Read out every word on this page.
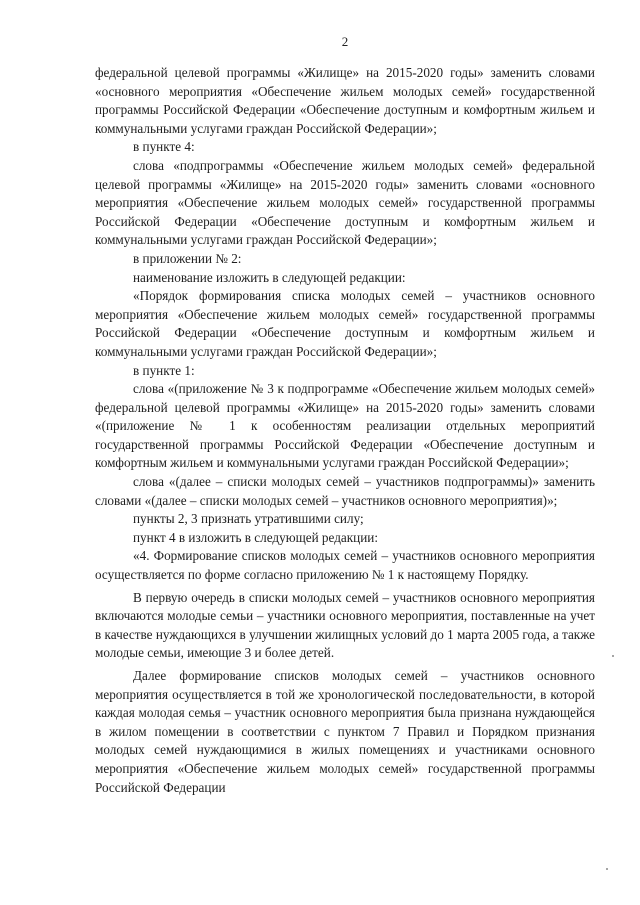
2

федеральной целевой программы «Жилище» на 2015-2020 годы» заменить словами «основного мероприятия «Обеспечение жильем молодых семей» государственной программы Российской Федерации «Обеспечение доступным и комфортным жильем и коммунальными услугами граждан Российской Федерации»;

в пункте 4:

слова «подпрограммы «Обеспечение жильем молодых семей» федеральной целевой программы «Жилище» на 2015-2020 годы» заменить словами «основного мероприятия «Обеспечение жильем молодых семей» государственной программы Российской Федерации «Обеспечение доступным и комфортным жильем и коммунальными услугами граждан Российской Федерации»;

в приложении № 2:

наименование изложить в следующей редакции:

«Порядок формирования списка молодых семей – участников основного мероприятия «Обеспечение жильем молодых семей» государственной программы Российской Федерации «Обеспечение доступным и комфортным жильем и коммунальными услугами граждан Российской Федерации»;

в пункте 1:

слова «(приложение № 3 к подпрограмме «Обеспечение жильем молодых семей» федеральной целевой программы «Жилище» на 2015-2020 годы» заменить словами «(приложение № 1 к особенностям реализации отдельных мероприятий государственной программы Российской Федерации «Обеспечение доступным и комфортным жильем и коммунальными услугами граждан Российской Федерации»;

слова «(далее – списки молодых семей – участников подпрограммы)» заменить словами «(далее – списки молодых семей – участников основного мероприятия)»;

пункты 2, 3 признать утратившими силу;

пункт 4 в изложить в следующей редакции:

«4. Формирование списков молодых семей – участников основного мероприятия осуществляется по форме согласно приложению № 1 к настоящему Порядку.

В первую очередь в списки молодых семей – участников основного мероприятия включаются молодые семьи – участники основного мероприятия, поставленные на учет в качестве нуждающихся в улучшении жилищных условий до 1 марта 2005 года, а также молодые семьи, имеющие 3 и более детей.

Далее формирование списков молодых семей – участников основного мероприятия осуществляется в той же хронологической последовательности, в которой каждая молодая семья – участник основного мероприятия была признана нуждающейся в жилом помещении в соответствии с пунктом 7 Правил и Порядком признания молодых семей нуждающимися в жилых помещениях и участниками основного мероприятия «Обеспечение жильем молодых семей» государственной программы Российской Федерации
